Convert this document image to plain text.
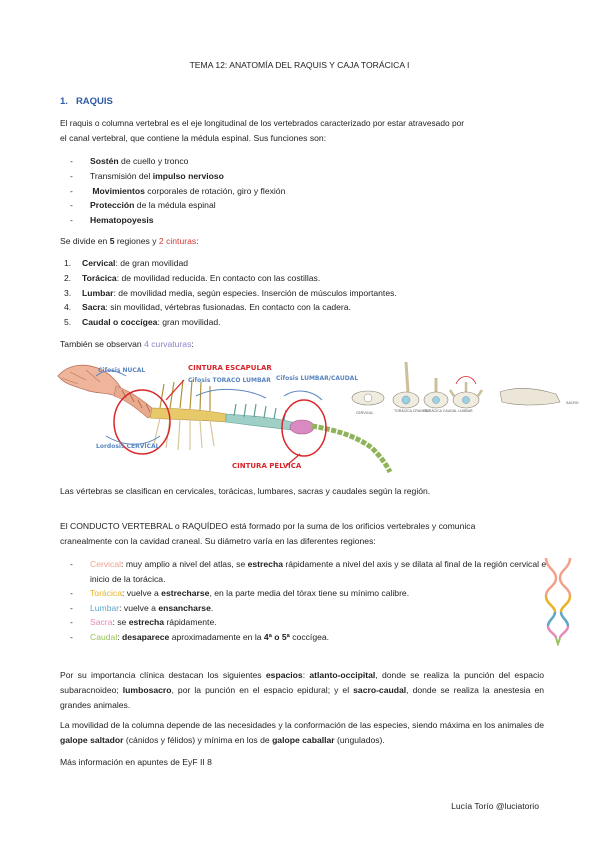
TEMA 12: ANATOMÍA DEL RAQUIS Y CAJA TORÁCICA I
1. RAQUIS
El raquis o columna vertebral es el eje longitudinal de los vertebrados caracterizado por estar atravesado por
el canal vertebral, que contiene la médula espinal. Sus funciones son:
- Sostén de cuello y tronco
- Transmisión del impulso nervioso
- Movimientos corporales de rotación, giro y flexión
- Protección de la médula espinal
- Hematopoyesis
Se divide en 5 regiones y 2 cinturas:
1. Cervical: de gran movilidad
2. Torácica: de movilidad reducida. En contacto con las costillas.
3. Lumbar: de movilidad media, según especies. Inserción de músculos importantes.
4. Sacra: sin movilidad, vértebras fusionadas. En contacto con la cadera.
5. Caudal o coccígea: gran movilidad.
También se observan 4 curvaturas:
Cifosis NUCAL	CINTURA ESCAPULAR
Cifosis TORACO LUMBAR Cifosis LUMBAR/CAUDAL
Lordosis CERVICAL
CINTURA PÉLVICA
CERVICAL	TORÁCICA CRANEAL
TORÁCICA CAUDAL LUMBAR
SACRO
Las vértebras se clasifican en cervicales, torácicas, lumbares, sacras y caudales según la región.
El CONDUCTO VERTEBRAL o RAQUÍDEO está formado por la suma de los orificios vertebrales y comunica
cranealmente con la cavidad craneal. Su diámetro varía en las diferentes regiones:
- Cervical: muy amplio a nivel del atlas, se estrecha rápidamente a nivel del axis y se dilata al final de la región cervical e inicio de la torácica.
- Torácica: vuelve a estrecharse, en la parte media del tórax tiene su mínimo calibre.
- Lumbar: vuelve a ensancharse.
- Sacra: se estrecha rápidamente.
- Caudal: desaparece aproximadamente en la 4ª o 5ª coccígea.
Por su importancia clínica destacan los siguientes espacios: atlanto-occipital, donde se realiza la punción del espacio subaracnoideo; lumbosacro, por la punción en el espacio epidural; y el sacro-caudal, donde se realiza la anestesia en grandes animales.
La movilidad de la columna depende de las necesidades y la conformación de las especies, siendo máxima en los animales de galope saltador (cánidos y félidos) y mínima en los de galope caballar (ungulados).
Más información en apuntes de EyF II 8
Lucía Torío @luciatorio
